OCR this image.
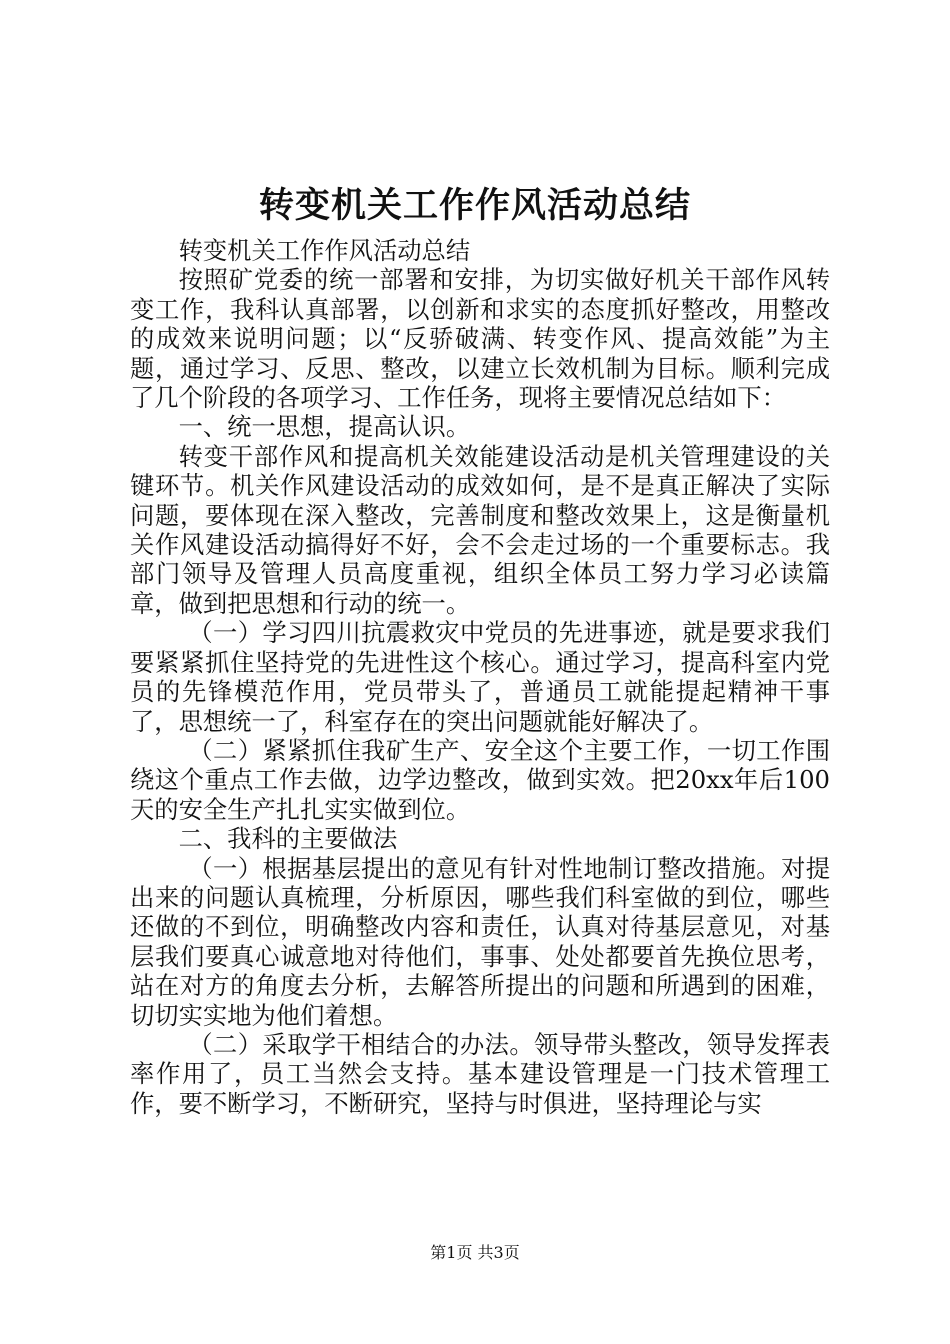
转变机关工作作风活动总结

转变机关工作作风活动总结

按照矿党委的统一部署和安排，为切实做好机关干部作风转变工作，我科认真部署，以创新和求实的态度抓好整改，用整改的成效来说明问题；以“反骄破满、转变作风、提高效能”为主题，通过学习、反思、整改，以建立长效机制为目标。顺利完成了几个阶段的各项学习、工作任务，现将主要情况总结如下：

一、统一思想，提高认识。

转变干部作风和提高机关效能建设活动是机关管理建设的关键环节。机关作风建设活动的成效如何，是不是真正解决了实际问题，要体现在深入整改，完善制度和整改效果上，这是衡量机关作风建设活动搞得好不好，会不会走过场的一个重要标志。我部门领导及管理人员高度重视，组织全体员工努力学习必读篇章，做到把思想和行动的统一。

（一）学习四川抗震救灾中党员的先进事迹，就是要求我们要紧紧抓住坚持党的先进性这个核心。通过学习，提高科室内党员的先锋模范作用，党员带头了，普通员工就能提起精神干事了，思想统一了，科室存在的突出问题就能好解决了。

（二）紧紧抓住我矿生产、安全这个主要工作，一切工作围绕这个重点工作去做，边学边整改，做到实效。把20xx年后100天的安全生产扎扎实实做到位。

二、我科的主要做法

（一）根据基层提出的意见有针对性地制订整改措施。对提出来的问题认真梳理，分析原因，哪些我们科室做的到位，哪些还做的不到位，明确整改内容和责任，认真对待基层意见，对基层我们要真心诚意地对待他们，事事、处处都要首先换位思考，站在对方的角度去分析，去解答所提出的问题和所遇到的困难，切切实实地为他们着想。

（二）采取学干相结合的办法。领导带头整改，领导发挥表率作用了，员工当然会支持。基本建设管理是一门技术管理工作，要不断学习，不断研究，坚持与时俱进，坚持理论与实

第1页 共3页
